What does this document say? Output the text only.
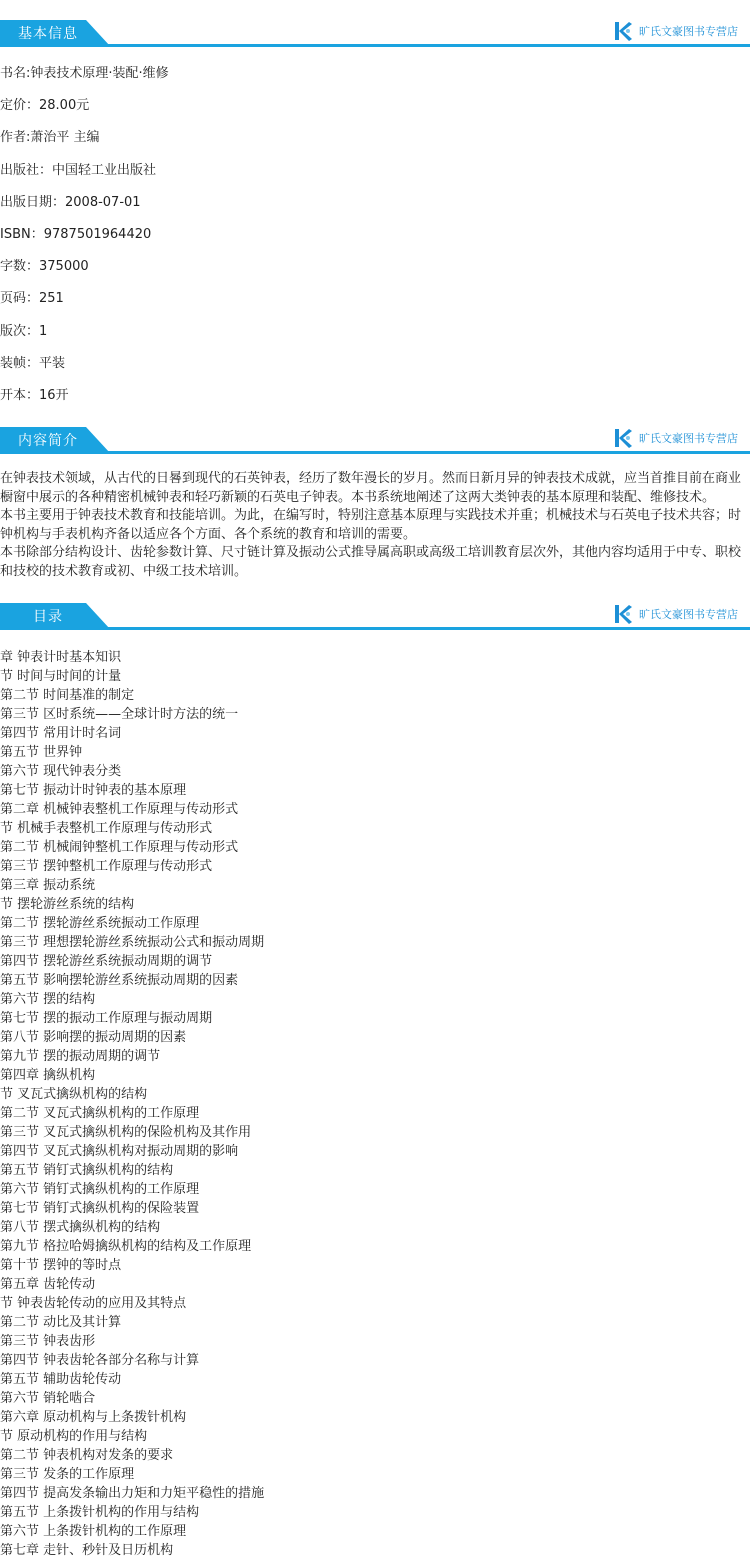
基本信息	旷氏文豪图书专营店
书名:钟表技术原理·装配·维修
定价：28.00元
作者:萧治平 主编
出版社：中国轻工业出版社
出版日期：2008-07-01
ISBN：9787501964420
字数：375000
页码：251
版次：1
装帧：平装
开本：16开
内容简介	旷氏文豪图书专营店

在钟表技术领域，从古代的日晷到现代的石英钟表，经历了数年漫长的岁月。然而日新月异的钟表技术成就，应当首推目前在商业橱窗中展示的各种精密机械钟表和轻巧新颖的石英电子钟表。本书系统地阐述了这两大类钟表的基本原理和装配、维修技术。

本书主要用于钟表技术教育和技能培训。为此，在编写时，特别注意基本原理与实践技术并重；机械技术与石英电子技术共容；时钟机构与手表机构齐备以适应各个方面、各个系统的教育和培训的需要。

本书除部分结构设计、齿轮参数计算、尺寸链计算及振动公式推导属高职或高级工培训教育层次外，其他内容均适用于中专、职校和技校的技术教育或初、中级工技术培训。

目录	旷氏文豪图书专营店
章 钟表计时基本知识
节 时间与时间的计量
第二节 时间基准的制定
第三节 区时系统——全球计时方法的统一
第四节 常用计时名词
第五节 世界钟
第六节 现代钟表分类
第七节 振动计时钟表的基本原理
第二章 机械钟表整机工作原理与传动形式
节 机械手表整机工作原理与传动形式
第二节 机械闹钟整机工作原理与传动形式
第三节 摆钟整机工作原理与传动形式
第三章 振动系统
节 摆轮游丝系统的结构
第二节 摆轮游丝系统振动工作原理
第三节 理想摆轮游丝系统振动公式和振动周期
第四节 摆轮游丝系统振动周期的调节
第五节 影响摆轮游丝系统振动周期的因素
第六节 摆的结构
第七节 摆的振动工作原理与振动周期
第八节 影响摆的振动周期的因素
第九节 摆的振动周期的调节
第四章 擒纵机构
节 叉瓦式擒纵机构的结构
第二节 叉瓦式擒纵机构的工作原理
第三节 叉瓦式擒纵机构的保险机构及其作用
第四节 叉瓦式擒纵机构对振动周期的影响
第五节 销钉式擒纵机构的结构
第六节 销钉式擒纵机构的工作原理
第七节 销钉式擒纵机构的保险装置
第八节 摆式擒纵机构的结构
第九节 格拉哈姆擒纵机构的结构及工作原理
第十节 摆钟的等时点
第五章 齿轮传动
节 钟表齿轮传动的应用及其特点
第二节 动比及其计算
第三节 钟表齿形
第四节 钟表齿轮各部分名称与计算
第五节 辅助齿轮传动
第六节 销轮啮合
第六章 原动机构与上条拨针机构
节 原动机构的作用与结构
第二节 钟表机构对发条的要求
第三节 发条的工作原理
第四节 提高发条输出力矩和力矩平稳性的措施
第五节 上条拨针机构的作用与结构
第六节 上条拨针机构的工作原理
第七章 走针、秒针及日历机构
